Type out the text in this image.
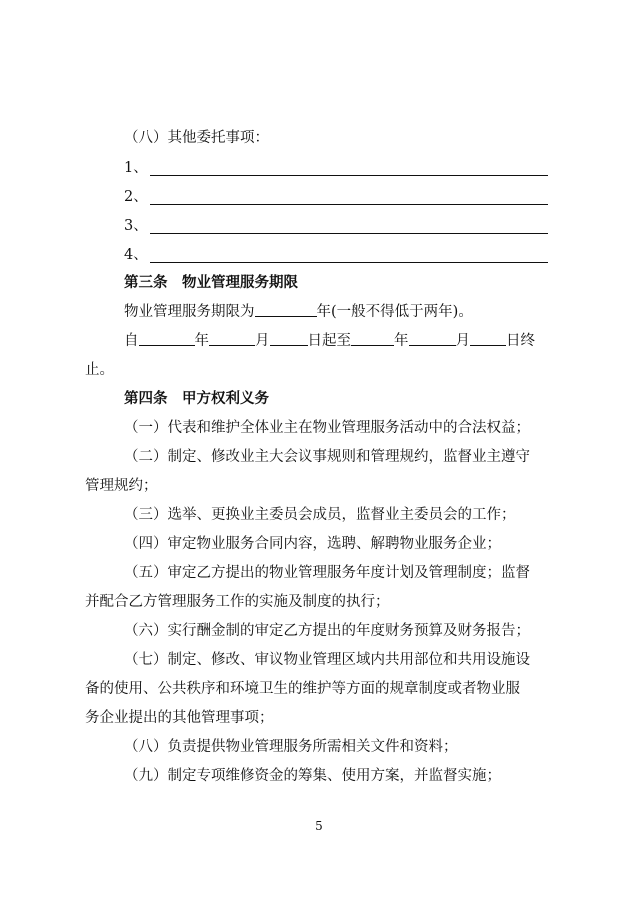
（八）其他委托事项：
1、
2、
3、
4、
第三条　物业管理服务期限
物业管理服务期限为	年(一般不得低于两年)。
自	年	月	日起至	年	月 日终
止。
第四条　甲方权利义务
（一）代表和维护全体业主在物业管理服务活动中的合法权益；
（二）制定、修改业主大会议事规则和管理规约，监督业主遵守
管理规约；
（三）选举、更换业主委员会成员，监督业主委员会的工作；
（四）审定物业服务合同内容，选聘、解聘物业服务企业；
（五）审定乙方提出的物业管理服务年度计划及管理制度；监督
并配合乙方管理服务工作的实施及制度的执行；
（六）实行酬金制的审定乙方提出的年度财务预算及财务报告；
（七）制定、修改、审议物业管理区域内共用部位和共用设施设
备的使用、公共秩序和环境卫生的维护等方面的规章制度或者物业服
务企业提出的其他管理事项；
（八）负责提供物业管理服务所需相关文件和资料；
（九）制定专项维修资金的筹集、使用方案，并监督实施；
5
